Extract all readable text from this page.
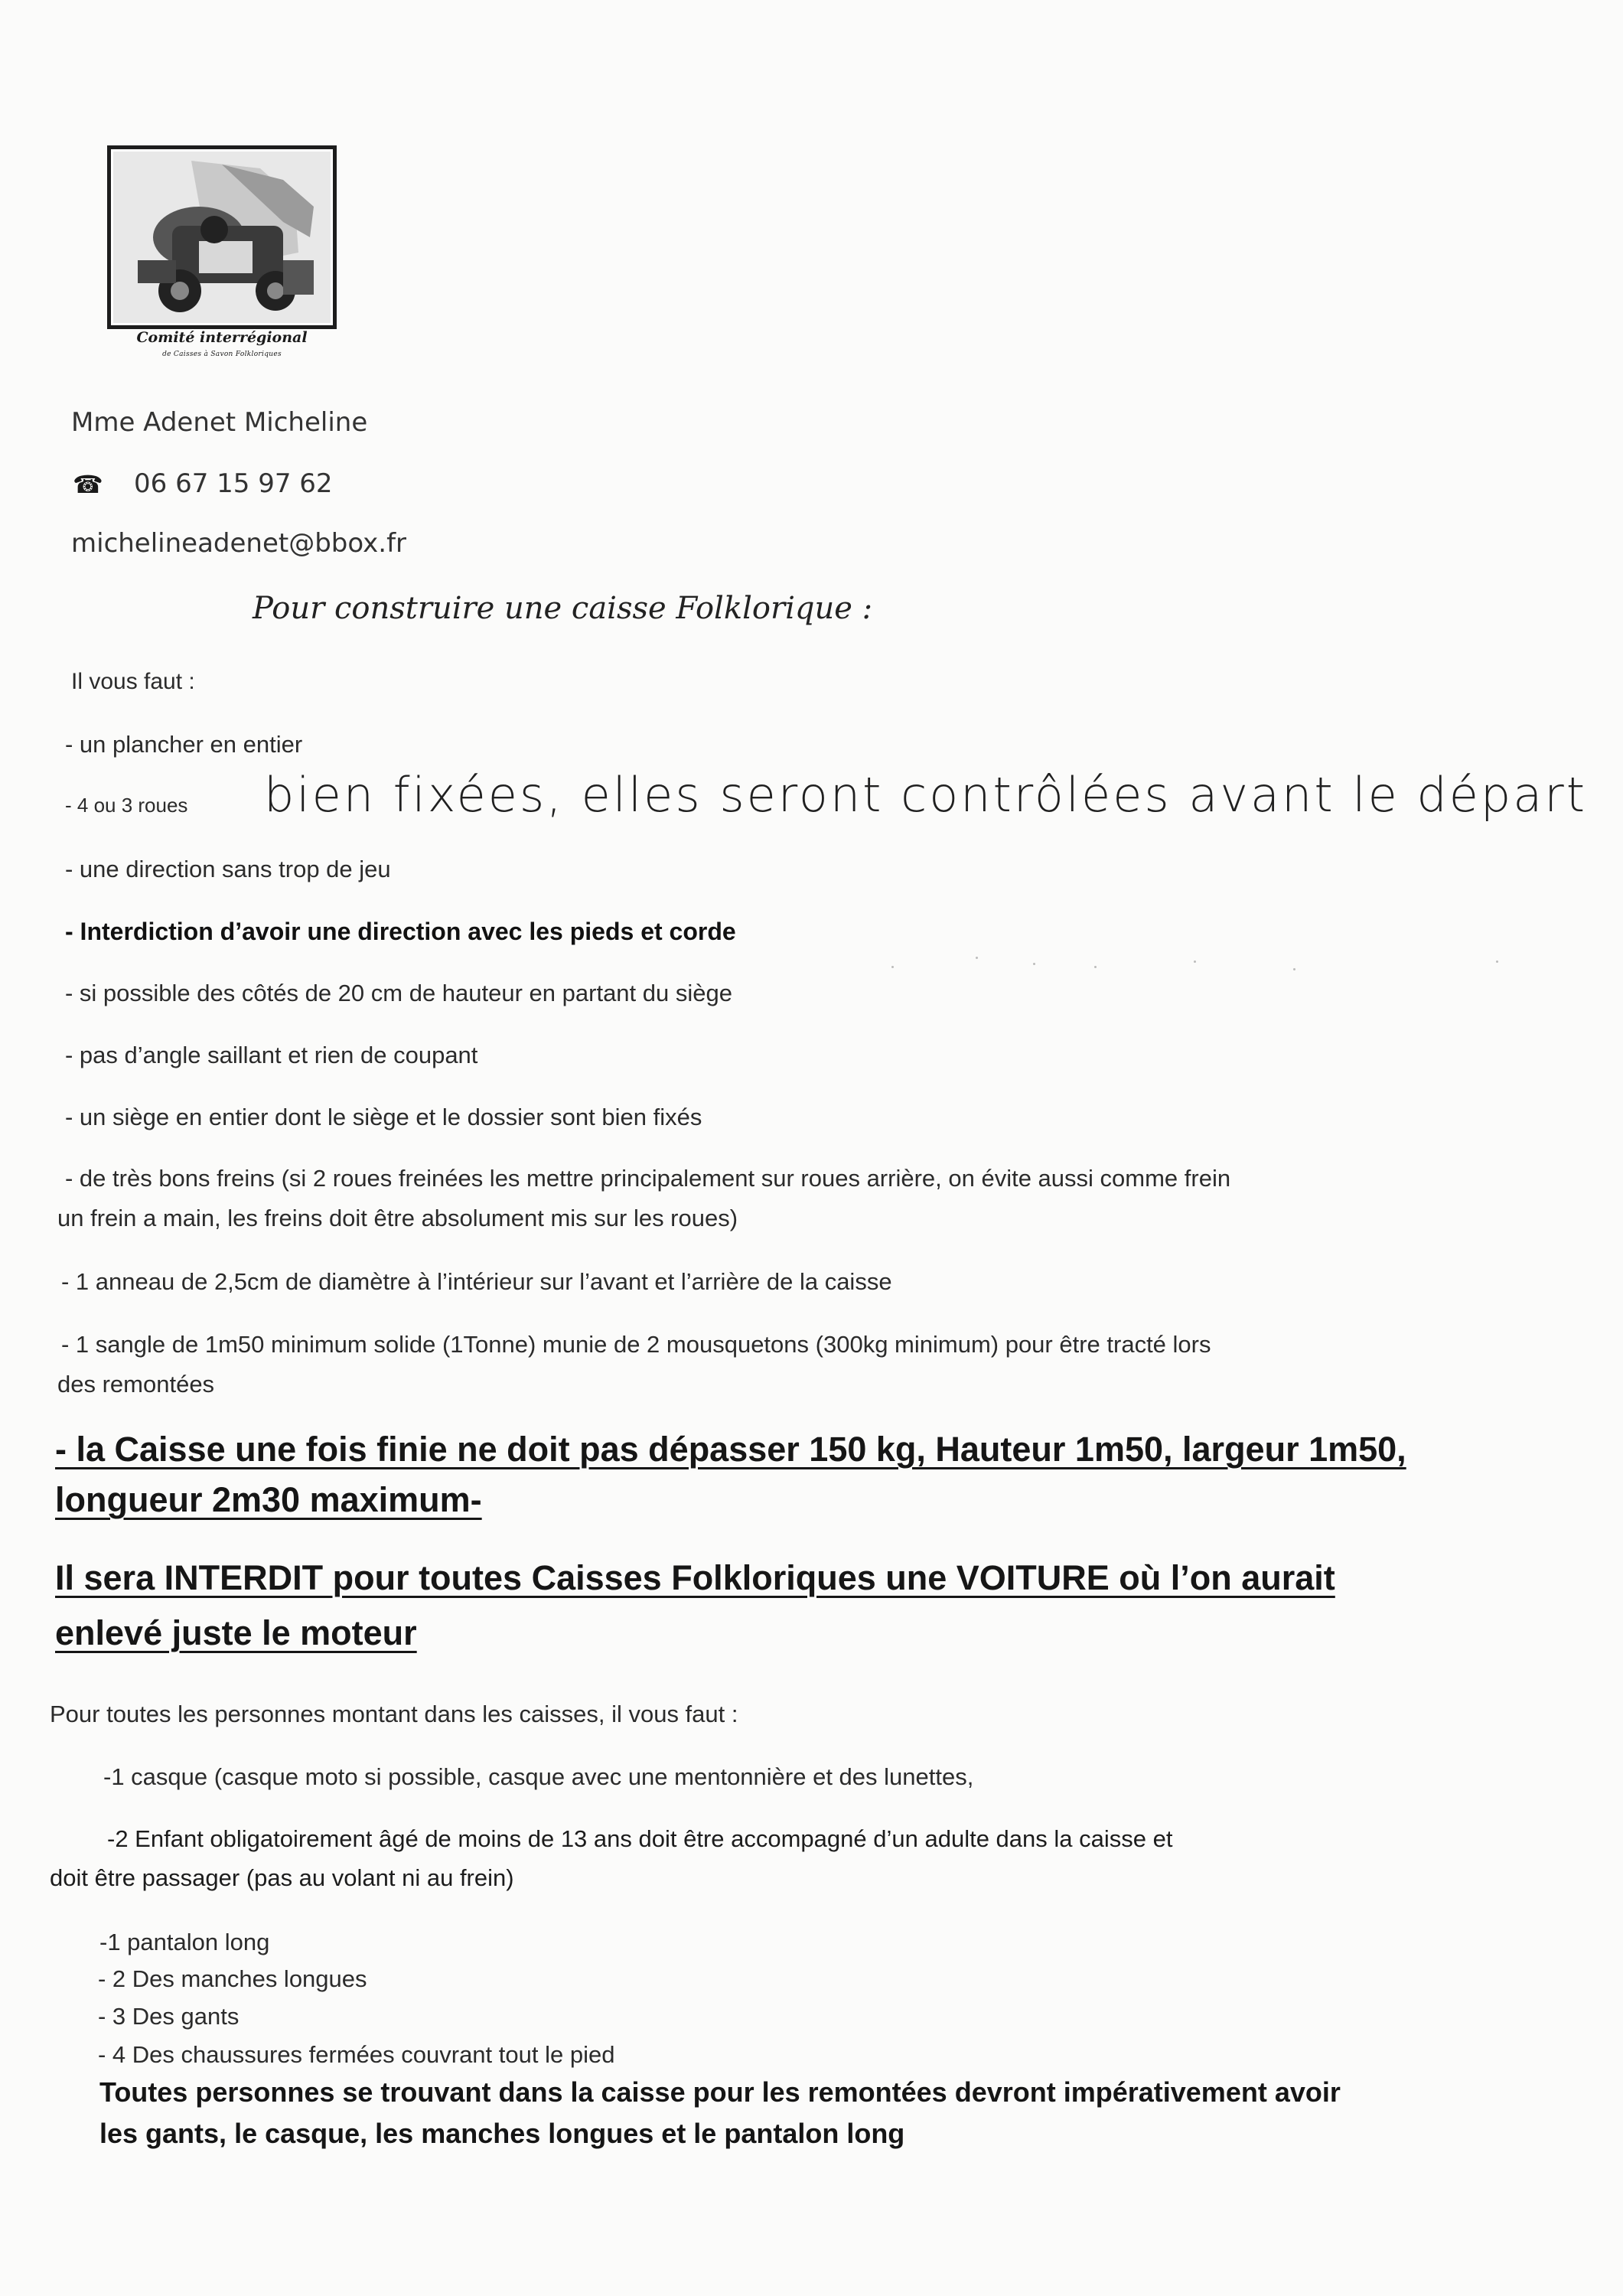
Comité interrégional
de Caisses à Savon Folkloriques
Mme Adenet Micheline
☎ 06 67 15 97 62
michelineadenet@bbox.fr
Pour construire une caisse Folklorique :
Il vous faut :
- un plancher en entier
- 4 ou 3 roues bien fixées, elles seront contrôlées avant le départ
- une direction sans trop de jeu
- Interdiction d’avoir une direction avec les pieds et corde
- si possible des côtés de 20 cm de hauteur en partant du siège
- pas d’angle saillant et rien de coupant
- un siège en entier dont le siège et le dossier sont bien fixés
- de très bons freins (si 2 roues freinées les mettre principalement sur roues arrière, on évite aussi comme frein
un frein a main, les freins doit être absolument mis sur les roues)
- 1 anneau de 2,5cm de diamètre à l’intérieur sur l’avant et l’arrière de la caisse
- 1 sangle de 1m50 minimum solide (1Tonne) munie de 2 mousquetons (300kg minimum) pour être tracté lors
des remontées
- la Caisse une fois finie ne doit pas dépasser 150 kg, Hauteur 1m50, largeur 1m50,
longueur 2m30 maximum-
Il sera INTERDIT pour toutes Caisses Folkloriques une VOITURE où l’on aurait
enlevé juste le moteur
Pour toutes les personnes montant dans les caisses, il vous faut :
-1 casque (casque moto si possible, casque avec une mentonnière et des lunettes,
-2 Enfant obligatoirement âgé de moins de 13 ans doit être accompagné d’un adulte dans la caisse et
doit être passager (pas au volant ni au frein)
-1 pantalon long
- 2 Des manches longues
- 3 Des gants
- 4 Des chaussures fermées couvrant tout le pied
Toutes personnes se trouvant dans la caisse pour les remontées devront impérativement avoir
les gants, le casque, les manches longues et le pantalon long
